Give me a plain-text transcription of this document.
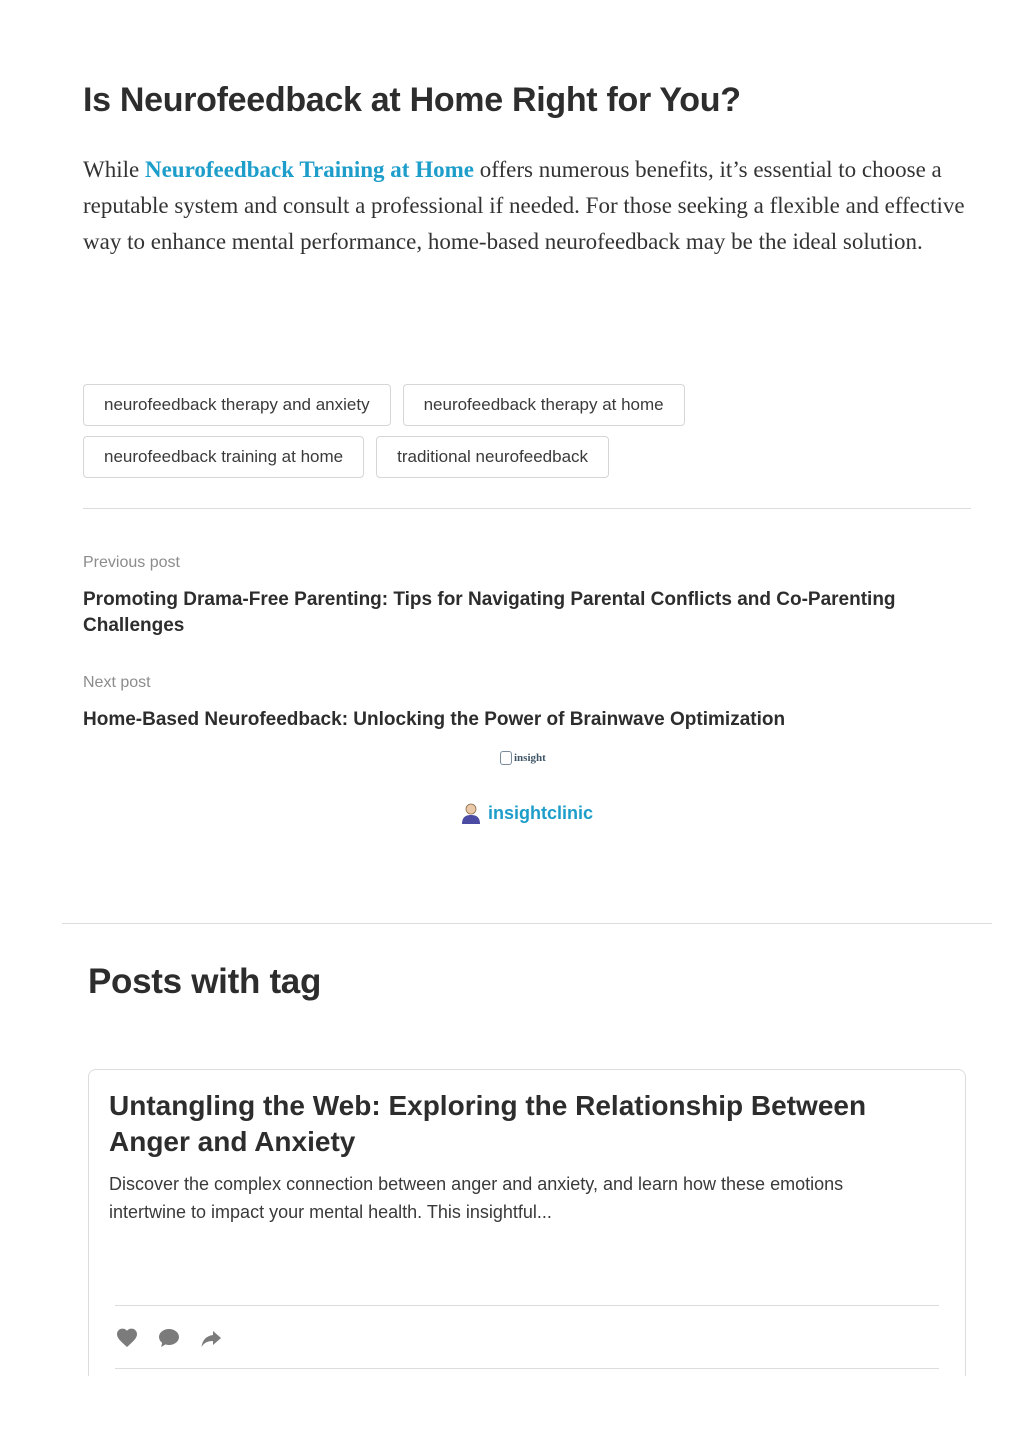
Is Neurofeedback at Home Right for You?

While Neurofeedback Training at Home offers numerous benefits, it’s essential to choose a reputable system and consult a professional if needed. For those seeking a flexible and effective way to enhance mental performance, home-based neurofeedback may be the ideal solution.

neurofeedback therapy and anxiety	neurofeedback therapy at home
neurofeedback training at home	traditional neurofeedback
Previous post
Promoting Drama-Free Parenting: Tips for Navigating Parental Conflicts and Co-Parenting Challenges
Next post
Home-Based Neurofeedback: Unlocking the Power of Brainwave Optimization
insight
insightclinic
Posts with tag
Untangling the Web: Exploring the Relationship Between Anger and Anxiety
Discover the complex connection between anger and anxiety, and learn how these emotions intertwine to impact your mental health. This insightful...
